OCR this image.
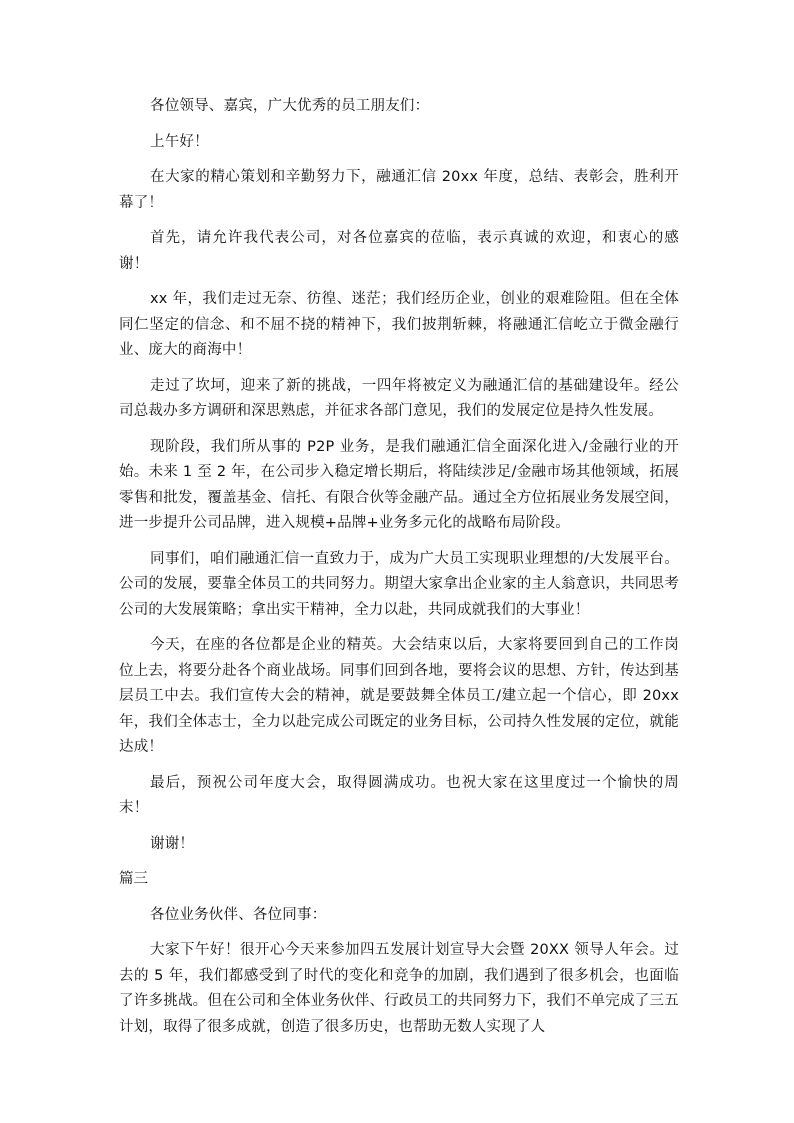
各位领导、嘉宾，广大优秀的员工朋友们：

上午好！

在大家的精心策划和辛勤努力下，融通汇信 20xx 年度，总结、表彰会，胜利开幕了！

首先，请允许我代表公司，对各位嘉宾的莅临，表示真诚的欢迎，和衷心的感谢！

xx 年，我们走过无奈、彷徨、迷茫；我们经历企业，创业的艰难险阻。但在全体同仁坚定的信念、和不屈不挠的精神下，我们披荆斩棘，将融通汇信屹立于微金融行业、庞大的商海中！

走过了坎坷，迎来了新的挑战，一四年将被定义为融通汇信的基础建设年。经公司总裁办多方调研和深思熟虑，并征求各部门意见，我们的发展定位是持久性发展。

现阶段，我们所从事的 P2P 业务，是我们融通汇信全面深化进入/金融行业的开始。未来 1 至 2 年，在公司步入稳定增长期后，将陆续涉足/金融市场其他领域，拓展零售和批发，覆盖基金、信托、有限合伙等金融产品。通过全方位拓展业务发展空间，进一步提升公司品牌，进入规模+品牌+业务多元化的战略布局阶段。

同事们，咱们融通汇信一直致力于，成为广大员工实现职业理想的/大发展平台。公司的发展，要靠全体员工的共同努力。期望大家拿出企业家的主人翁意识，共同思考公司的大发展策略；拿出实干精神，全力以赴，共同成就我们的大事业！

今天，在座的各位都是企业的精英。大会结束以后，大家将要回到自己的工作岗位上去，将要分赴各个商业战场。同事们回到各地，要将会议的思想、方针，传达到基层员工中去。我们宣传大会的精神，就是要鼓舞全体员工/建立起一个信心，即 20xx 年，我们全体志士，全力以赴完成公司既定的业务目标，公司持久性发展的定位，就能达成！

最后，预祝公司年度大会，取得圆满成功。也祝大家在这里度过一个愉快的周末！

谢谢！

篇三

各位业务伙伴、各位同事：

大家下午好！很开心今天来参加四五发展计划宣导大会暨 20XX 领导人年会。过去的 5 年，我们都感受到了时代的变化和竞争的加剧，我们遇到了很多机会，也面临了许多挑战。但在公司和全体业务伙伴、行政员工的共同努力下，我们不单完成了三五计划，取得了很多成就，创造了很多历史，也帮助无数人实现了人
